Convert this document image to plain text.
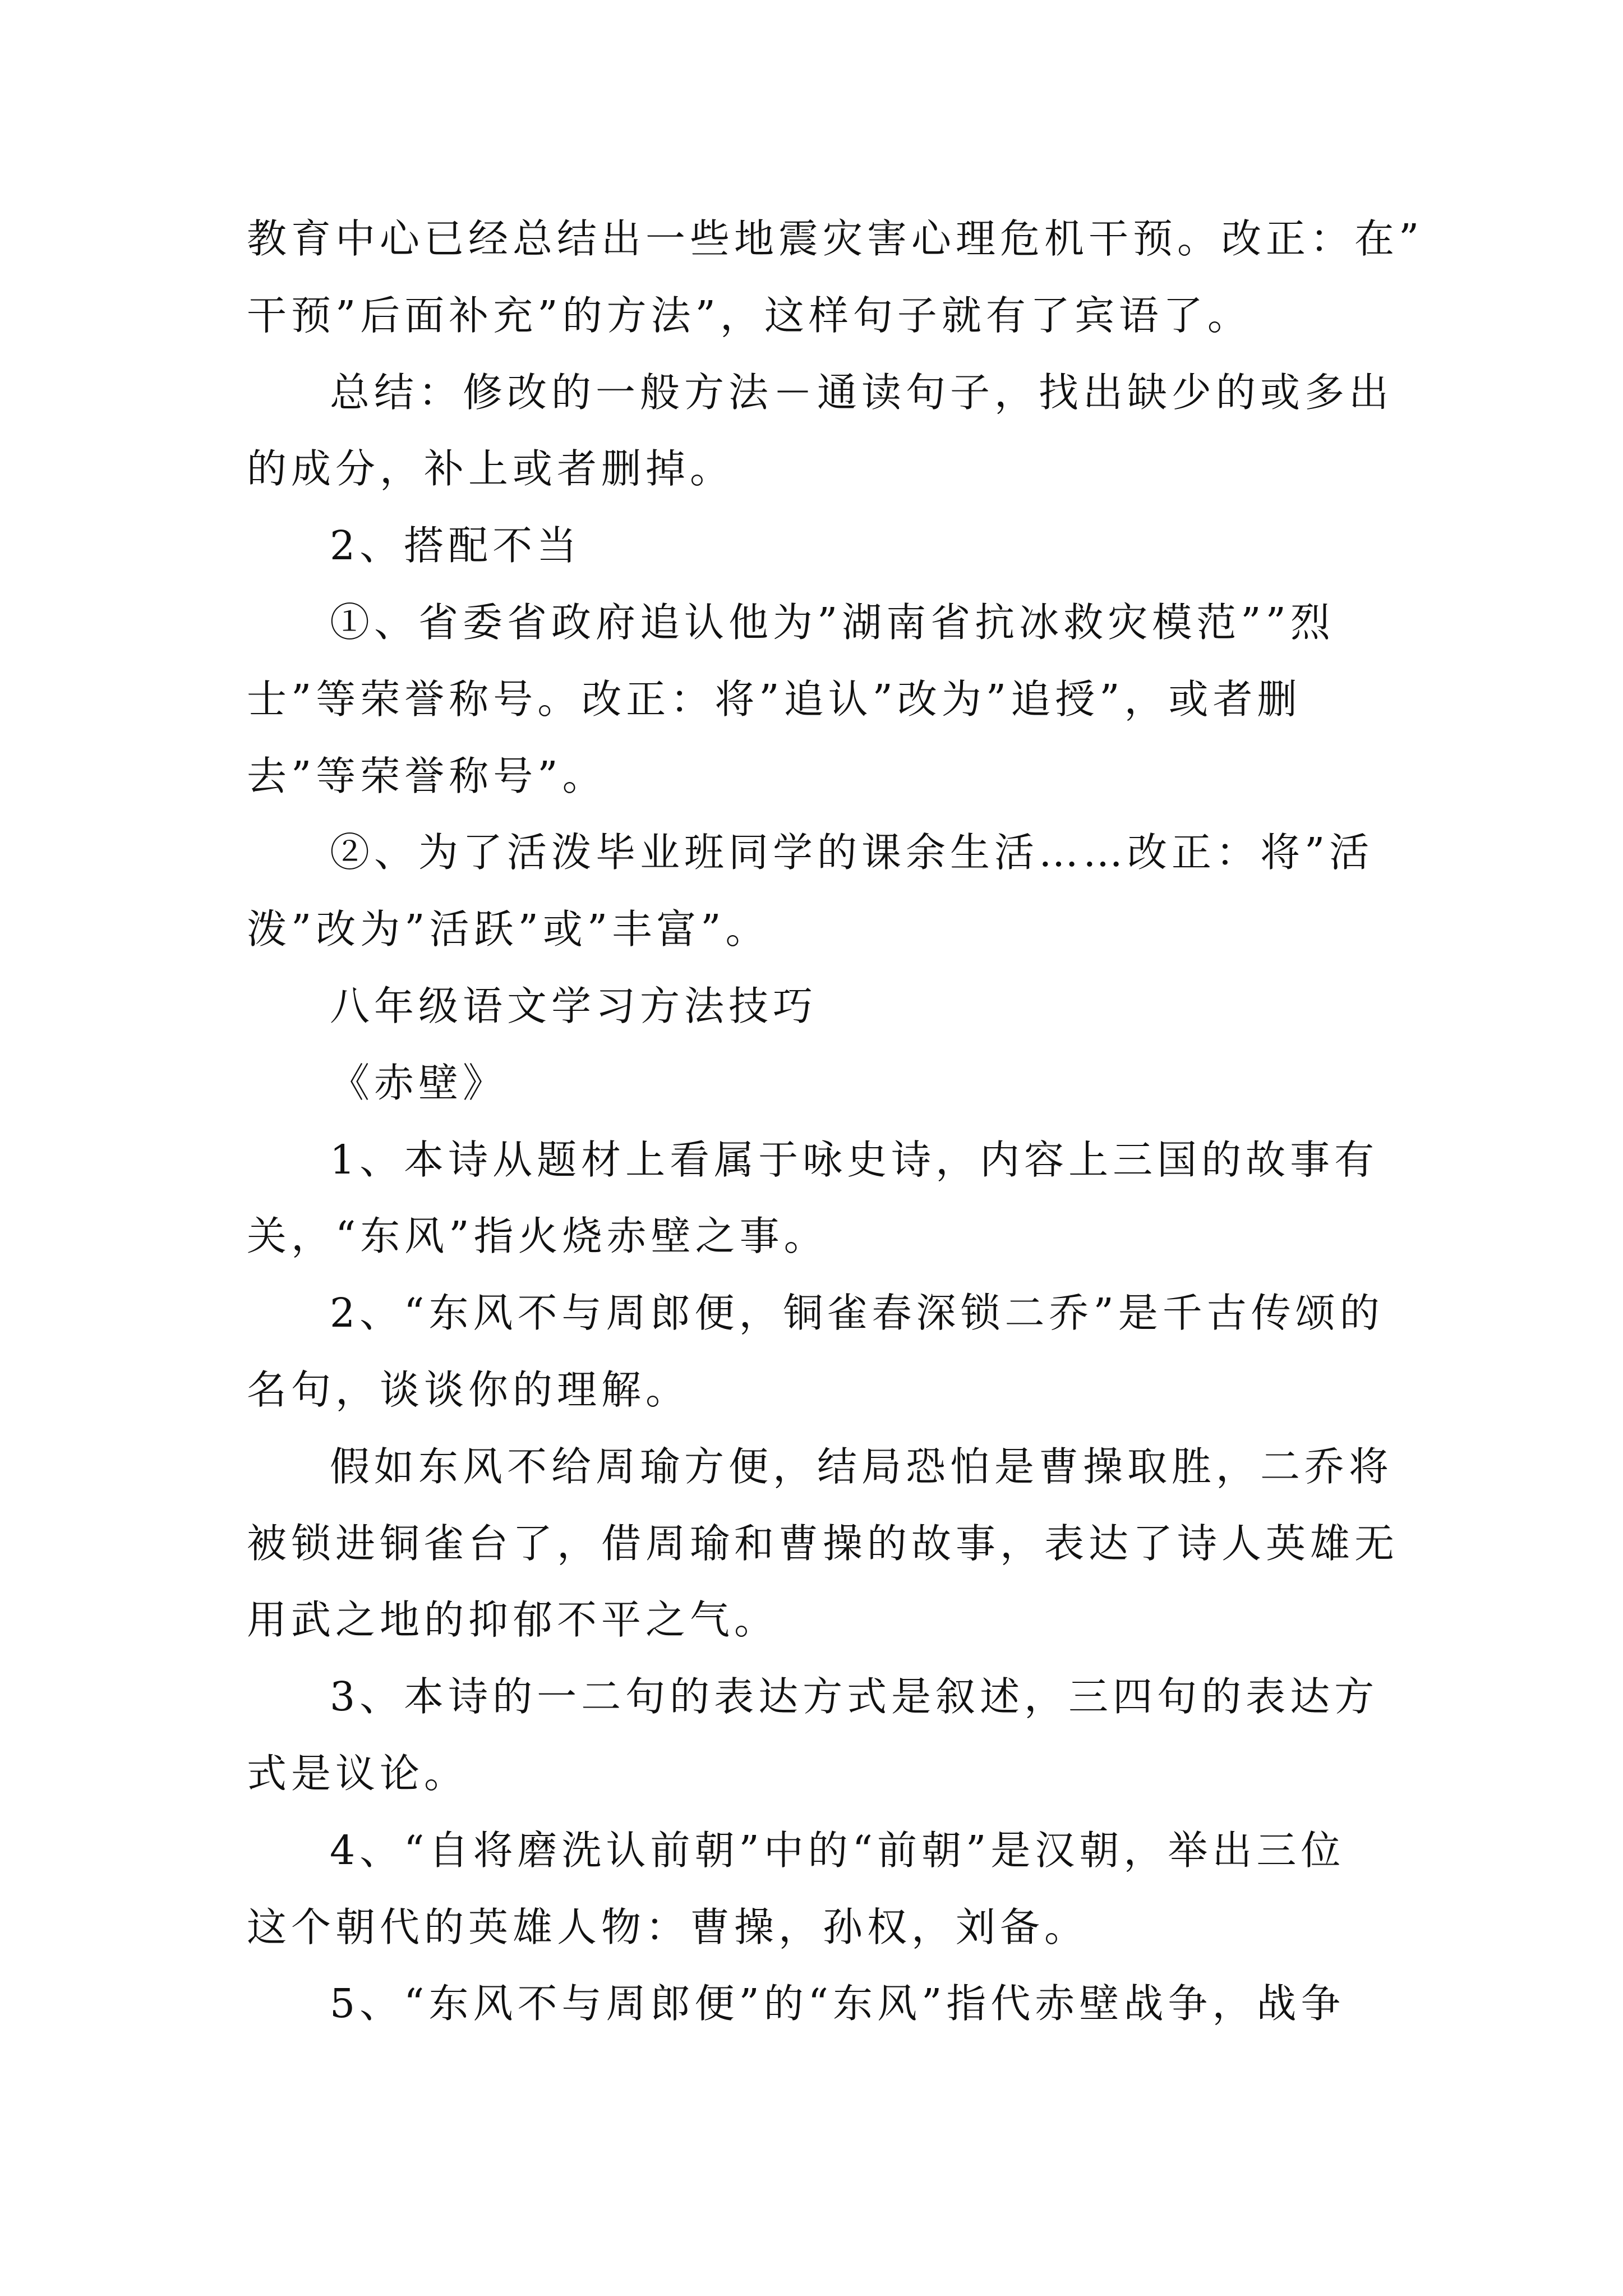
教育中心已经总结出一些地震灾害心理危机干预。改正：在”
干预”后面补充”的方法”，这样句子就有了宾语了。
总结：修改的一般方法－通读句子，找出缺少的或多出
的成分，补上或者删掉。
2、搭配不当
①、省委省政府追认他为”湖南省抗冰救灾模范””烈
士”等荣誉称号。改正：将”追认”改为”追授”，或者删
去”等荣誉称号”。
②、为了活泼毕业班同学的课余生活……改正：将”活
泼”改为”活跃”或”丰富”。
八年级语文学习方法技巧
《赤壁》
1、本诗从题材上看属于咏史诗，内容上三国的故事有
关，“东风”指火烧赤壁之事。
2、“东风不与周郎便，铜雀春深锁二乔”是千古传颂的
名句，谈谈你的理解。
假如东风不给周瑜方便，结局恐怕是曹操取胜，二乔将
被锁进铜雀台了，借周瑜和曹操的故事，表达了诗人英雄无
用武之地的抑郁不平之气。
3、本诗的一二句的表达方式是叙述，三四句的表达方
式是议论。
4、“自将磨洗认前朝”中的“前朝”是汉朝，举出三位
这个朝代的英雄人物：曹操，孙权，刘备。
5、“东风不与周郎便”的“东风”指代赤壁战争，战争
